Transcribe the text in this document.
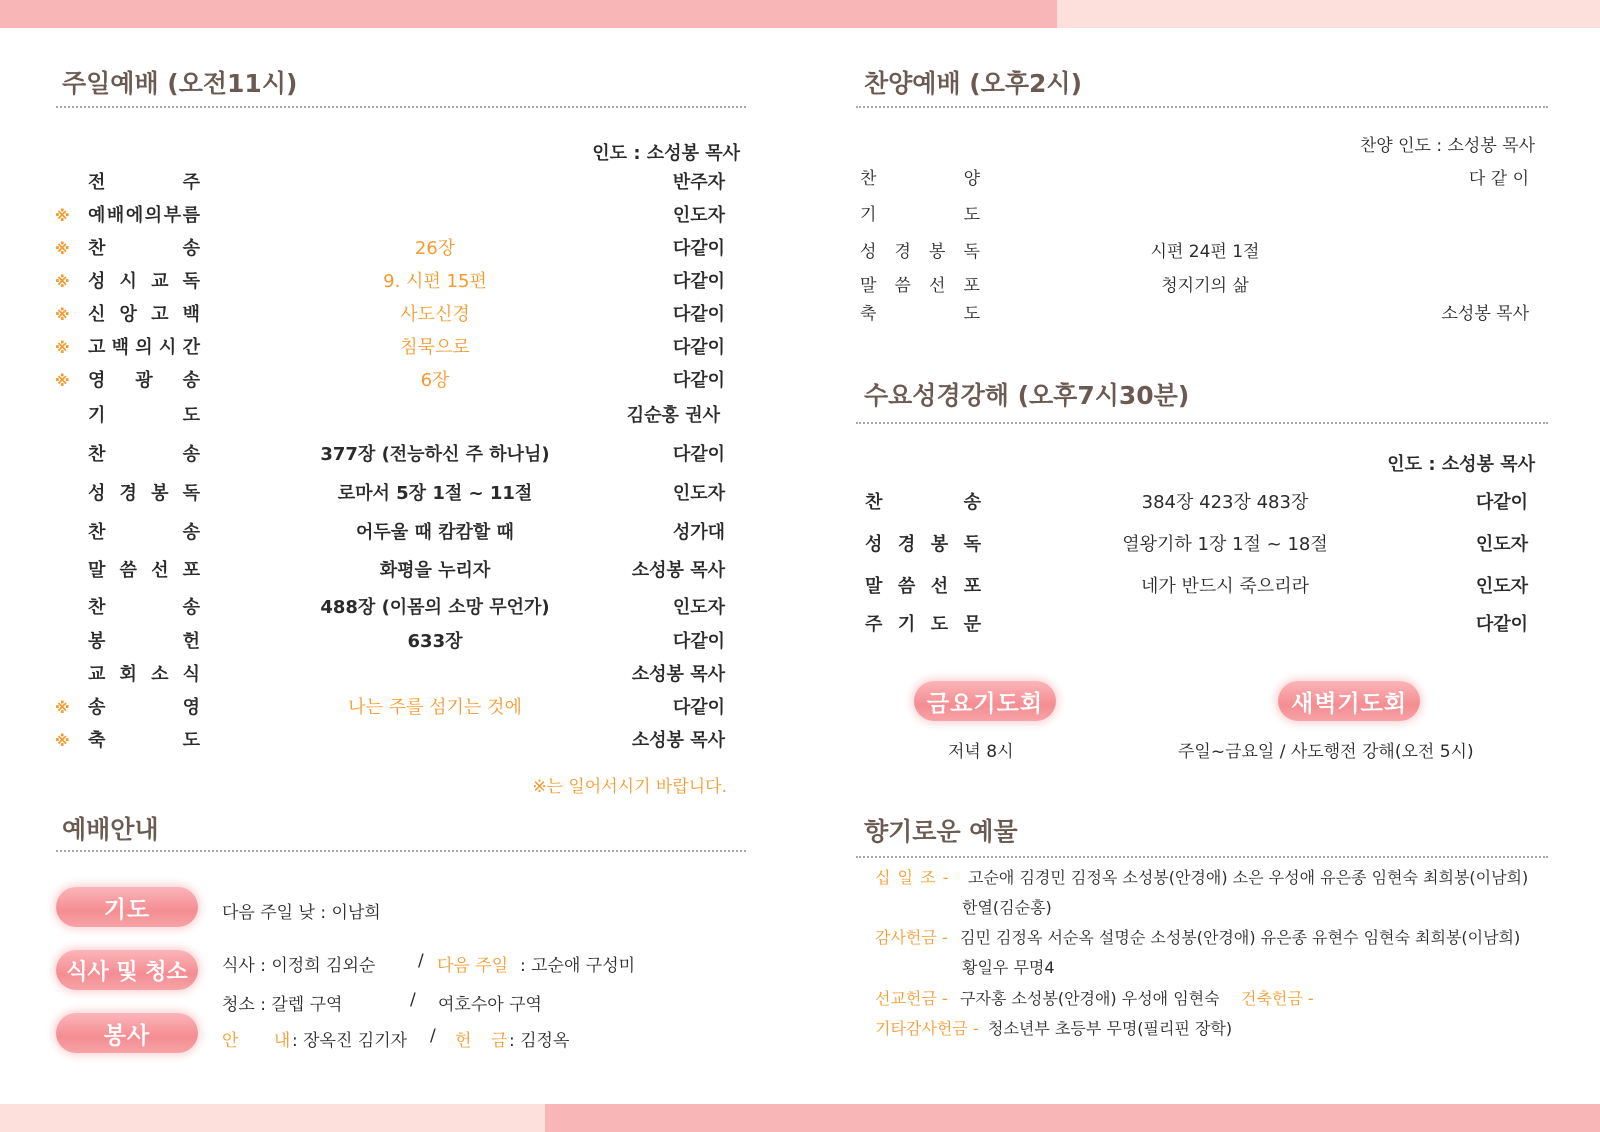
주일예배 (오전11시)
인도 : 소성봉 목사
전	주	반주자
※ 예 배 에 의 부 름	인도자
※ 찬	송	26장	다같이
※ 성 시 교 독	9. 시편 15편	다같이
※ 신 앙 고 백	사도신경	다같이
※ 고 백 의 시 간	침묵으로	다같이
※ 영 광 송	6장	다같이
기	도	김순홍 권사
찬	송	377장 (전능하신 주 하나님)	다같이
성 경 봉 독	로마서 5장 1절 ~ 11절	인도자
찬	송	어두울 때 캄캄할 때	성가대
말 씀 선 포	화평을 누리자	소성봉 목사
찬	송	488장 (이몸의 소망 무언가)	인도자
봉	헌	633장	다같이
교 회 소 식	소성봉 목사
※ 송	영	나는 주를 섬기는 것에	다같이
※ 축	도	소성봉 목사
※는 일어서시기 바랍니다.
예배안내
기도
식사 및 청소
봉사
다음 주일 낮 : 이남희
식사 : 이정희 김외순	/ 다음 주일 : 고순애 구성미
청소 : 갈렙 구역	/ 여호수아 구역
안 내 : 장옥진 김기자 / 헌 금 : 김정옥
찬양예배 (오후2시)
찬양 인도 : 소성봉 목사
찬	양	다 같 이
기	도
성 경 봉 독	시편 24편 1절
말 씀 선 포	청지기의 삶
축	도	소성봉 목사
수요성경강해 (오후7시30분)
인도 : 소성봉 목사
찬	송	384장 423장 483장	다같이
성 경 봉 독	열왕기하 1장 1절 ~ 18절	인도자
말 씀 선 포	네가 반드시 죽으리라	인도자
주 기 도 문	다같이
금요기도회	새벽기도회
저녁 8시	주일~금요일 / 사도행전 강해(오전 5시)
향기로운 예물
십 일 조 - 고순애 김경민 김정옥 소성봉(안경애) 소은 우성애 유은종 임현숙 최희봉(이남희)
한열(김순홍)
감사헌금 - 김민 김정옥 서순옥 설명순 소성봉(안경애) 유은종 유현수 임현숙 최희봉(이남희)
황일우 무명4
선교헌금 - 구자홍 소성봉(안경애) 우성애 임현숙 건축헌금 -
기타감사헌금 - 청소년부 초등부 무명(필리핀 장학)
